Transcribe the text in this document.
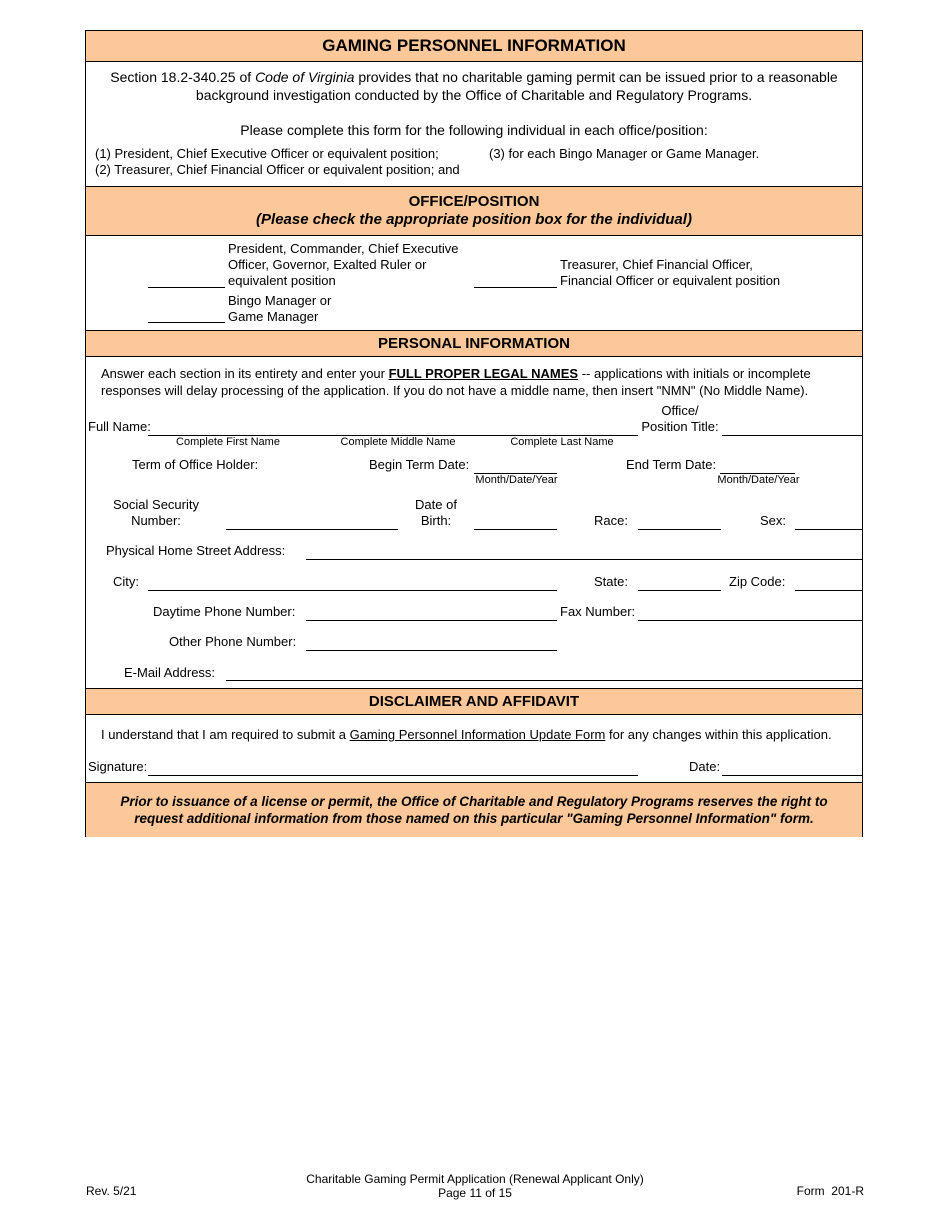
GAMING PERSONNEL INFORMATION
Section 18.2-340.25 of Code of Virginia provides that no charitable gaming permit can be issued prior to a reasonable
background investigation conducted by the Office of Charitable and Regulatory Programs.
Please complete this form for the following individual in each office/position:
(1) President, Chief Executive Officer or equivalent position;
(2) Treasurer, Chief Financial Officer or equivalent position; and
(3) for each Bingo Manager or Game Manager.
OFFICE/POSITION
(Please check the appropriate position box for the individual)
President, Commander, Chief Executive
Officer, Governor, Exalted Ruler or
equivalent position
Treasurer, Chief Financial Officer,
Financial Officer or equivalent position
Bingo Manager or
Game Manager
PERSONAL INFORMATION
Answer each section in its entirety and enter your FULL PROPER LEGAL NAMES -- applications with initials or incomplete
responses will delay processing of the application. If you do not have a middle name, then insert "NMN" (No Middle Name).
Full Name:
Complete First Name	Complete Middle Name	Complete Last Name
Office/
Position Title:
Term of Office Holder:	Begin Term Date:
Month/Date/Year
End Term Date:
Month/Date/Year
Social Security
Number:
Date of
Birth:	Race:	Sex:
Physical Home Street Address:
City:	State:	Zip Code:
Daytime Phone Number:	Fax Number:
Other Phone Number:
E-Mail Address:
DISCLAIMER AND AFFIDAVIT
I understand that I am required to submit a Gaming Personnel Information Update Form for any changes within this application.
Signature:	Date:
Prior to issuance of a license or permit, the Office of Charitable and Regulatory Programs reserves the right to
request additional information from those named on this particular "Gaming Personnel Information" form.
Rev. 5/21
Charitable Gaming Permit Application (Renewal Applicant Only)
Page 11 of 15	Form  201-R
